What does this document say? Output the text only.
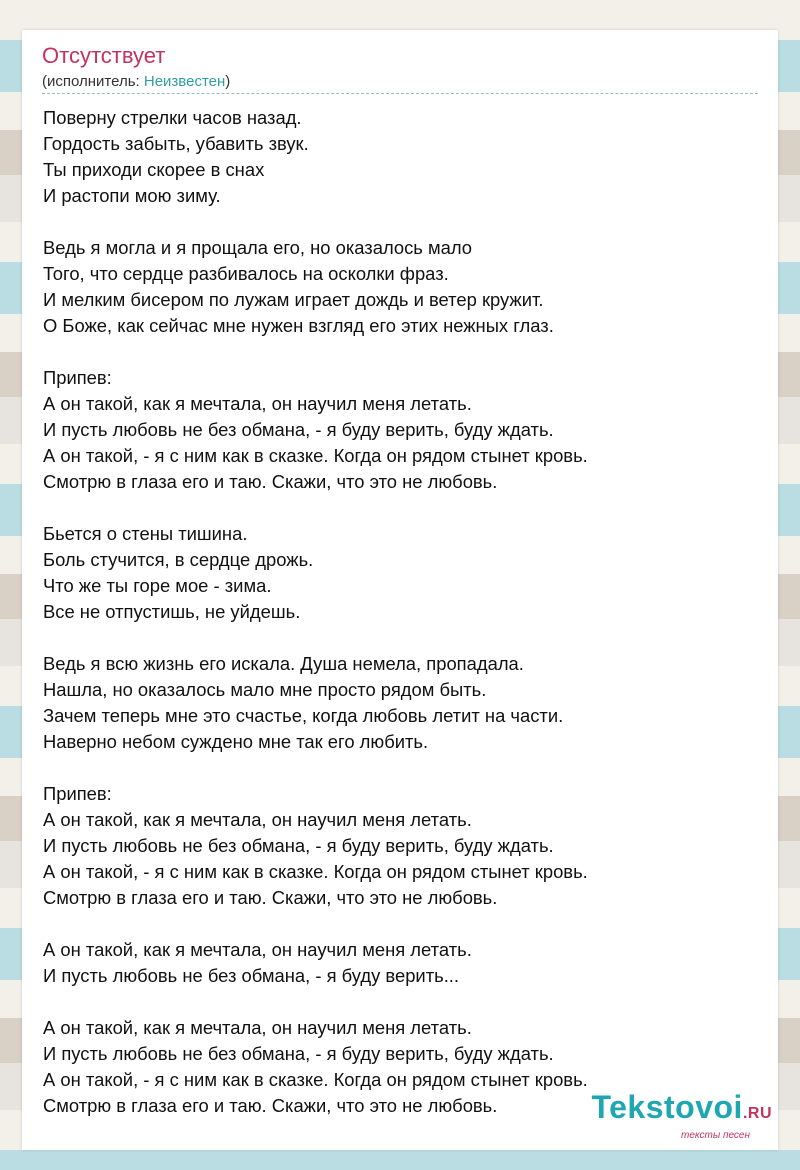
Отсутствует
(исполнитель: Неизвестен)
Поверну стрелки часов назад.
Гордость забыть, убавить звук.
Ты приходи скорее в снах
И растопи мою зиму.
Ведь я могла и я прощала его, но оказалось мало
Того, что сердце разбивалось на осколки фраз.
И мелким бисером по лужам играет дождь и ветер кружит.
О Боже, как сейчас мне нужен взгляд его этих нежных глаз.
Припев:
А он такой, как я мечтала, он научил меня летать.
И пусть любовь не без обмана, - я буду верить, буду ждать.
А он такой, - я с ним как в сказке. Когда он рядом стынет кровь.
Смотрю в глаза его и таю. Скажи, что это не любовь.
Бьется о стены тишина.
Боль стучится, в сердце дрожь.
Что же ты горе мое - зима.
Все не отпустишь, не уйдешь.
Ведь я всю жизнь его искала. Душа немела, пропадала.
Нашла, но оказалось мало мне просто рядом быть.
Зачем теперь мне это счастье, когда любовь летит на части.
Наверно небом суждено мне так его любить.
Припев:
А он такой, как я мечтала, он научил меня летать.
И пусть любовь не без обмана, - я буду верить, буду ждать.
А он такой, - я с ним как в сказке. Когда он рядом стынет кровь.
Смотрю в глаза его и таю. Скажи, что это не любовь.
А он такой, как я мечтала, он научил меня летать.
И пусть любовь не без обмана, - я буду верить...
А он такой, как я мечтала, он научил меня летать.
И пусть любовь не без обмана, - я буду верить, буду ждать.
А он такой, - я с ним как в сказке. Когда он рядом стынет кровь.
Смотрю в глаза его и таю. Скажи, что это не любовь.	Tekstovoi.RU
тексты песен
